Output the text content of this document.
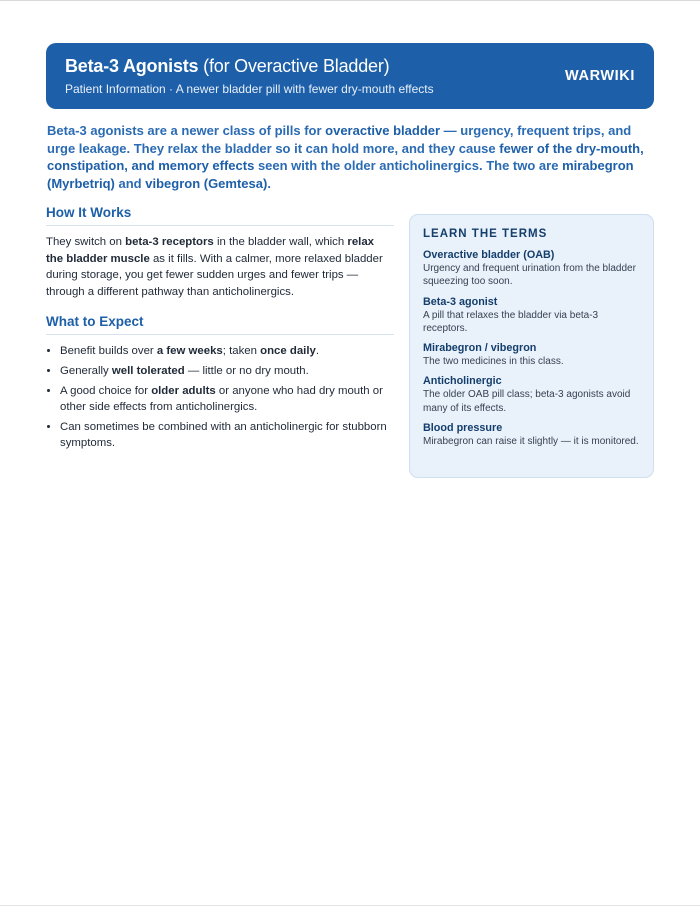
Beta-3 Agonists (for Overactive Bladder)
Patient Information · A newer bladder pill with fewer dry-mouth effects
WARWIKI
Beta-3 agonists are a newer class of pills for overactive bladder — urgency, frequent trips, and urge leakage. They relax the bladder so it can hold more, and they cause fewer of the dry-mouth, constipation, and memory effects seen with the older anticholinergics. The two are mirabegron (Myrbetriq) and vibegron (Gemtesa).
How It Works

They switch on beta-3 receptors in the bladder wall, which relax the bladder muscle as it fills. With a calmer, more relaxed bladder during storage, you get fewer sudden urges and fewer trips — through a different pathway than anticholinergics.

What to Expect
• Benefit builds over a few weeks; taken once daily.
• Generally well tolerated — little or no dry mouth.
• A good choice for older adults or anyone who had dry mouth or other side effects from anticholinergics.
• Can sometimes be combined with an anticholinergic for stubborn symptoms.
LEARN THE TERMS
Overactive bladder (OAB)
Urgency and frequent urination from the bladder squeezing too soon.
Beta-3 agonist
A pill that relaxes the bladder via beta-3 receptors.
Mirabegron / vibegron
The two medicines in this class.
Anticholinergic
The older OAB pill class; beta-3 agonists avoid many of its effects.
Blood pressure
Mirabegron can raise it slightly — it is monitored.
